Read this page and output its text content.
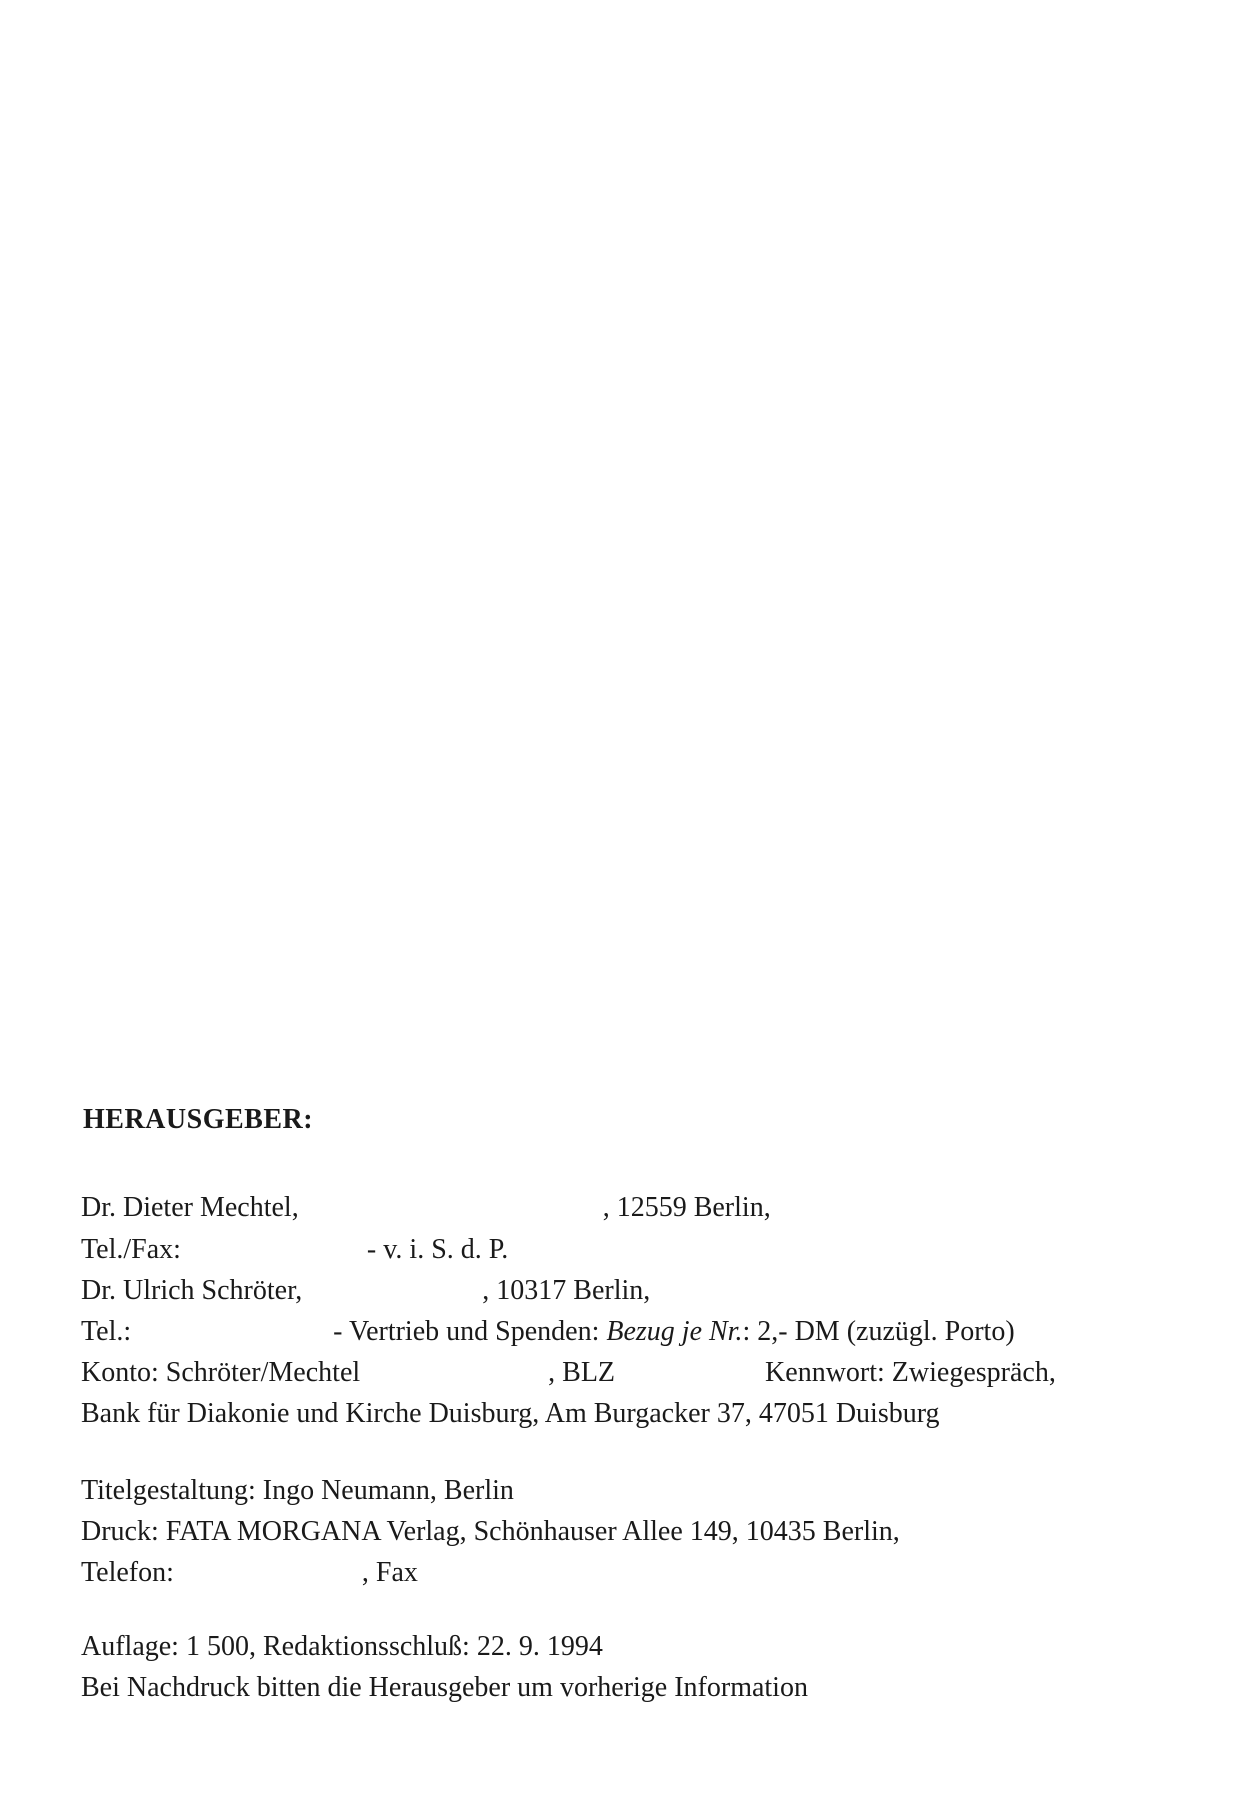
HERAUSGEBER:
Dr. Dieter Mechtel,	, 12559 Berlin,
Tel./Fax:	- v. i. S. d. P.
Dr. Ulrich Schröter,	, 10317 Berlin,
Tel.:	- Vertrieb und Spenden: Bezug je Nr.: 2,- DM (zuzügl. Porto)
Konto: Schröter/Mechtel	, BLZ	Kennwort: Zwiegespräch,
Bank für Diakonie und Kirche Duisburg, Am Burgacker 37, 47051 Duisburg
Titelgestaltung: Ingo Neumann, Berlin
Druck: FATA MORGANA Verlag, Schönhauser Allee 149, 10435 Berlin,
Telefon:	, Fax
Auflage: 1 500, Redaktionsschluß: 22. 9. 1994
Bei Nachdruck bitten die Herausgeber um vorherige Information
